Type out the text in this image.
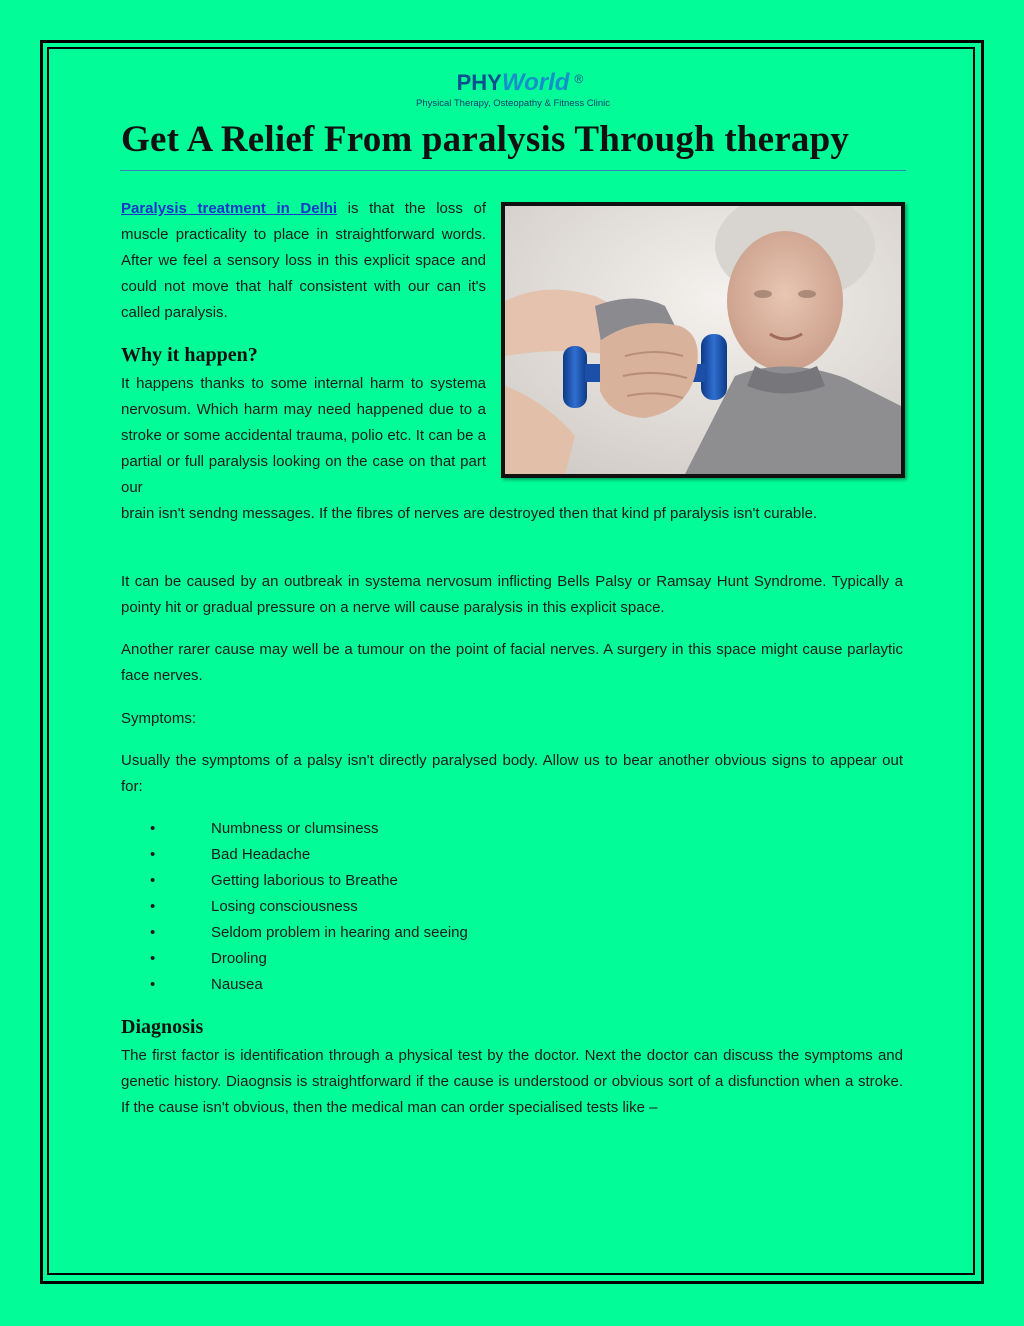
PHYWorld ®
Physical Therapy, Osteopathy & Fitness Clinic
Get A Relief From paralysis Through therapy

Paralysis treatment in Delhi is that the loss of muscle practicality to place in straightforward words. After we feel a sensory loss in this explicit space and could not move that half consistent with our can it's called paralysis.

Why it happen?

It happens thanks to some internal harm to systema nervosum. Which harm may need happened due to a stroke or some accidental trauma, polio etc. It can be a partial or full paralysis looking on the case on that part our

brain isn't sendng messages. If the fibres of nerves are destroyed then that kind pf paralysis isn't curable.

It can be caused by an outbreak in systema nervosum inflicting Bells Palsy or Ramsay Hunt Syndrome. Typically a pointy hit or gradual pressure on a nerve will cause paralysis in this explicit space.

Another rarer cause may well be a tumour on the point of facial nerves. A surgery in this space might cause parlaytic face nerves.

Symptoms:

Usually the symptoms of a palsy isn't directly paralysed body. Allow us to bear another obvious signs to appear out for:

•	Numbness or clumsiness
•	Bad Headache
•	Getting laborious to Breathe
•	Losing consciousness
•	Seldom problem in hearing and seeing
•	Drooling
•	Nausea
Diagnosis

The first factor is identification through a physical test by the doctor. Next the doctor can discuss the symptoms and genetic history. Diaognsis is straightforward if the cause is understood or obvious sort of a disfunction when a stroke. If the cause isn't obvious, then the medical man can order specialised tests like –
